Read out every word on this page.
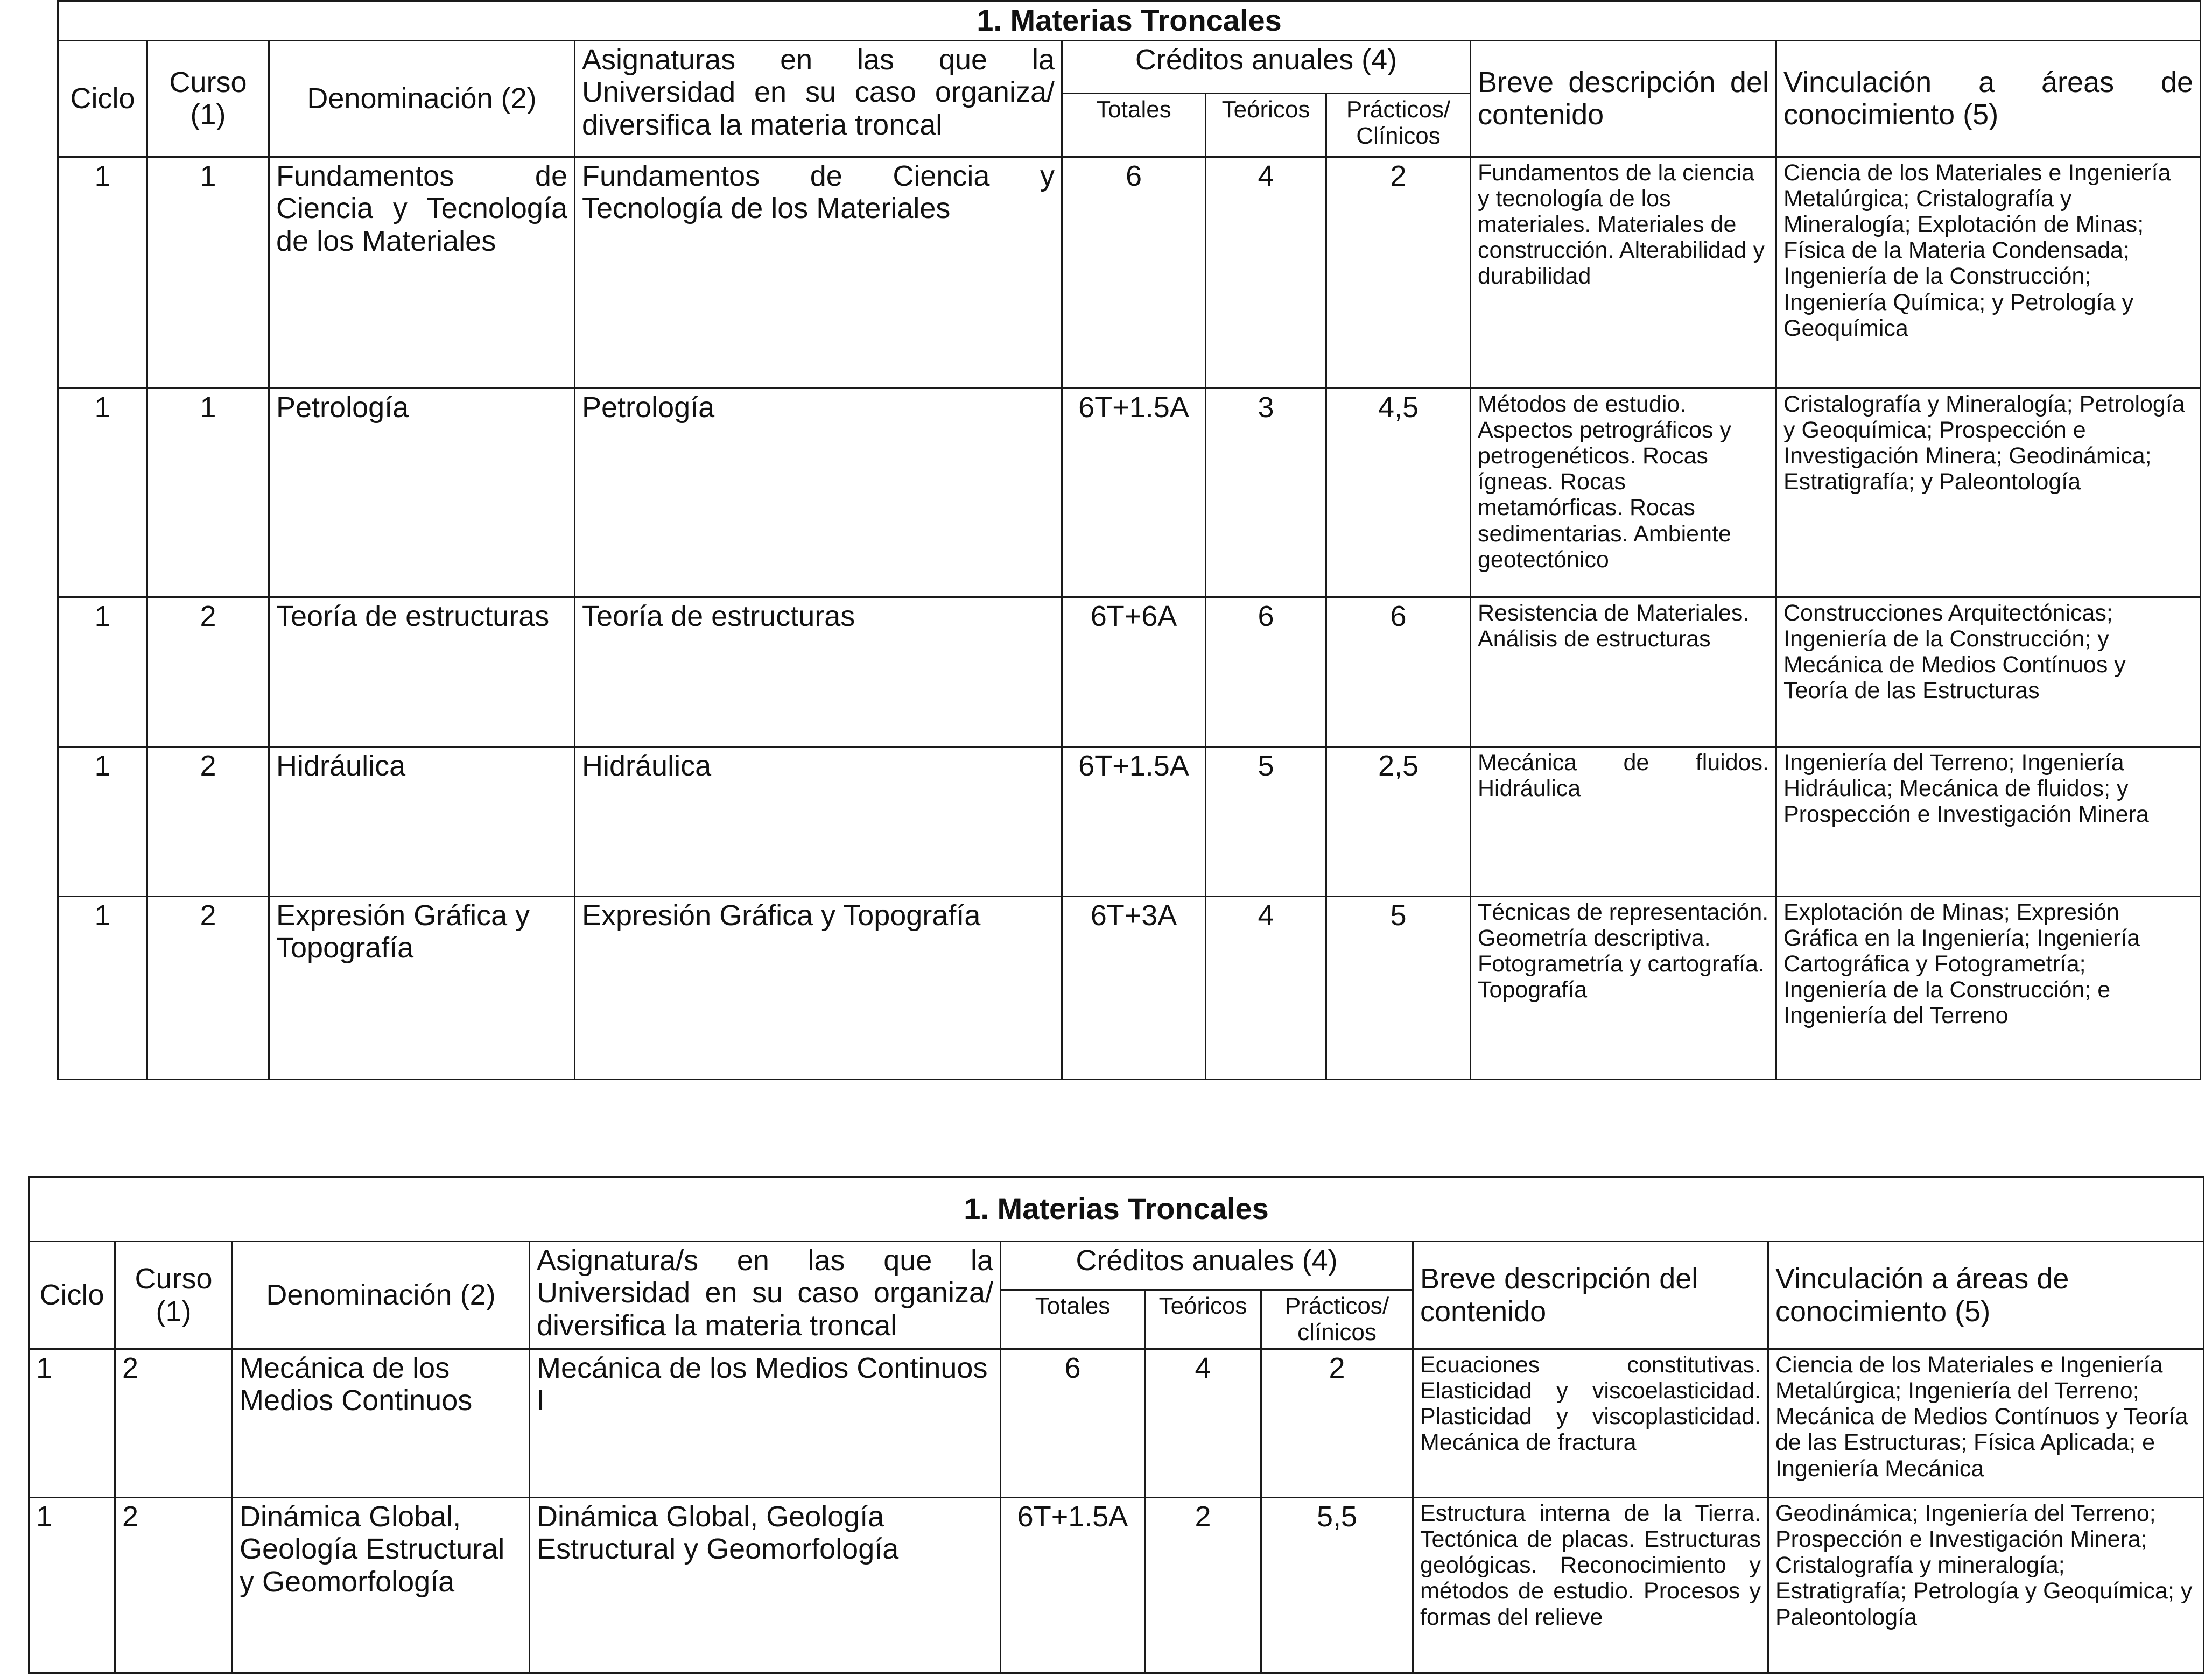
1. Materias Troncales								
Ciclo	Curso (1)	Denominación (2)	Asignaturas en las que la Universidad en su caso organiza/ diversifica la materia troncal	Créditos anuales (4)			Breve descripción del contenido	Vinculación a áreas de conocimiento (5)
				Totales	Teóricos	Prácticos/ Clínicos		
1	1	Fundamentos de Ciencia y Tecnología de los Materiales	Fundamentos de Ciencia y Tecnología de los Materiales	6	4	2	Fundamentos de la ciencia y tecnología de los materiales. Materiales de construcción. Alterabilidad y durabilidad	Ciencia de los Materiales e Ingeniería Metalúrgica; Cristalografía y Mineralogía; Explotación de Minas; Física de la Materia Condensada; Ingeniería de la Construcción; Ingeniería Química; y Petrología y Geoquímica
1	1	Petrología	Petrología	6T+1.5A	3	4,5	Métodos de estudio. Aspectos petrográficos y petrogenéticos. Rocas ígneas. Rocas metamórficas. Rocas sedimentarias. Ambiente geotectónico	Cristalografía y Mineralogía; Petrología y Geoquímica; Prospección e Investigación Minera; Geodinámica; Estratigrafía; y Paleontología
1	2	Teoría de estructuras	Teoría de estructuras	6T+6A	6	6	Resistencia de Materiales. Análisis de estructuras	Construcciones Arquitectónicas; Ingeniería de la Construcción; y Mecánica de Medios Contínuos y Teoría de las Estructuras
1	2	Hidráulica	Hidráulica	6T+1.5A	5	2,5	Mecánica de fluidos. Hidráulica	Ingeniería del Terreno; Ingeniería Hidráulica; Mecánica de fluidos; y Prospección e Investigación Minera
1	2	Expresión Gráfica y Topografía	Expresión Gráfica y Topografía	6T+3A	4	5	Técnicas de representación. Geometría descriptiva. Fotogrametría y cartografía. Topografía	Explotación de Minas; Expresión Gráfica en la Ingeniería; Ingeniería Cartográfica y Fotogrametría; Ingeniería de la Construcción; e Ingeniería del Terreno
1. Materias Troncales								
Ciclo	Curso (1)	Denominación (2)	Asignatura/s en las que la Universidad en su caso organiza/ diversifica la materia troncal	Créditos anuales (4)			Breve descripción del contenido	Vinculación a áreas de conocimiento (5)
				Totales	Teóricos	Prácticos/ clínicos		
1	2	Mecánica de los Medios Continuos	Mecánica de los Medios Continuos I	6	4	2	Ecuaciones constitutivas. Elasticidad y viscoelasticidad. Plasticidad y viscoplasticidad. Mecánica de fractura	Ciencia de los Materiales e Ingeniería Metalúrgica; Ingeniería del Terreno; Mecánica de Medios Contínuos y Teoría de las Estructuras; Física Aplicada; e Ingeniería Mecánica
1	2	Dinámica Global, Geología Estructural y Geomorfología	Dinámica Global, Geología Estructural y Geomorfología	6T+1.5A	2	5,5	Estructura interna de la Tierra. Tectónica de placas. Estructuras geológicas. Reconocimiento y métodos de estudio. Procesos y formas del relieve	Geodinámica; Ingeniería del Terreno; Prospección e Investigación Minera; Cristalografía y mineralogía; Estratigrafía; Petrología y Geoquímica; y Paleontología
